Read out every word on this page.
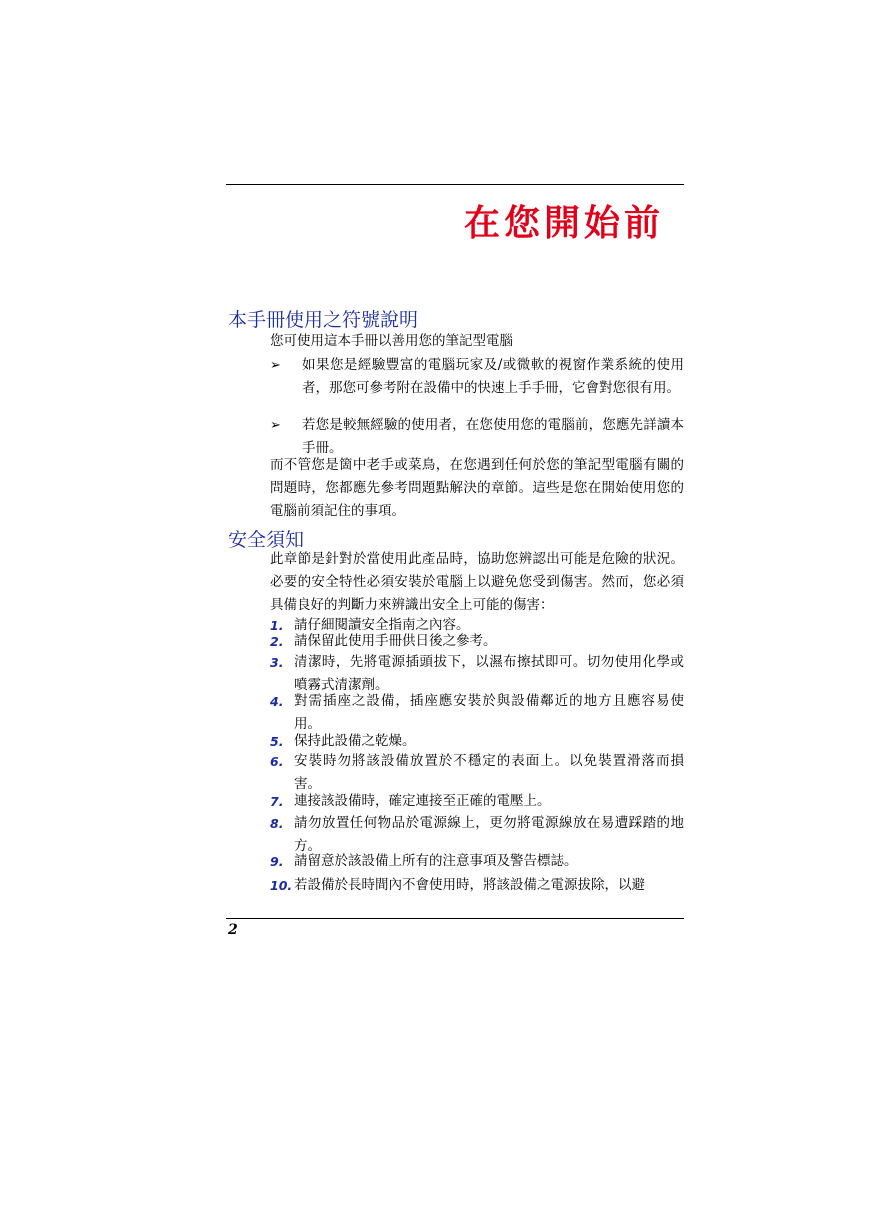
在您開始前
本手冊使用之符號說明
您可使用這本手冊以善用您的筆記型電腦
➢	如果您是經驗豐富的電腦玩家及/或微軟的視窗作業系統的使用者，那您可參考附在設備中的快速上手手冊，它會對您很有用。
➢	若您是較無經驗的使用者，在您使用您的電腦前，您應先詳讀本手冊。
而不管您是箇中老手或菜鳥，在您遇到任何於您的筆記型電腦有關的問題時，您都應先參考問題點解決的章節。這些是您在開始使用您的電腦前須記住的事項。
安全須知
此章節是針對於當使用此產品時，協助您辨認出可能是危險的狀況。必要的安全特性必須安裝於電腦上以避免您受到傷害。然而，您必須具備良好的判斷力來辨識出安全上可能的傷害：
1. 請仔細閱讀安全指南之內容。
2. 請保留此使用手冊供日後之參考。
3. 清潔時，先將電源插頭拔下，以濕布擦拭即可。切勿使用化學或噴霧式清潔劑。
4. 對需插座之設備，插座應安裝於與設備鄰近的地方且應容易使用。
5. 保持此設備之乾燥。
6. 安裝時勿將該設備放置於不穩定的表面上。以免裝置滑落而損害。
7. 連接該設備時，確定連接至正確的電壓上。
8. 請勿放置任何物品於電源線上，更勿將電源線放在易遭踩踏的地方。
9. 請留意於該設備上所有的注意事項及警告標誌。
10. 若設備於長時間內不會使用時，將該設備之電源拔除，以避
2
